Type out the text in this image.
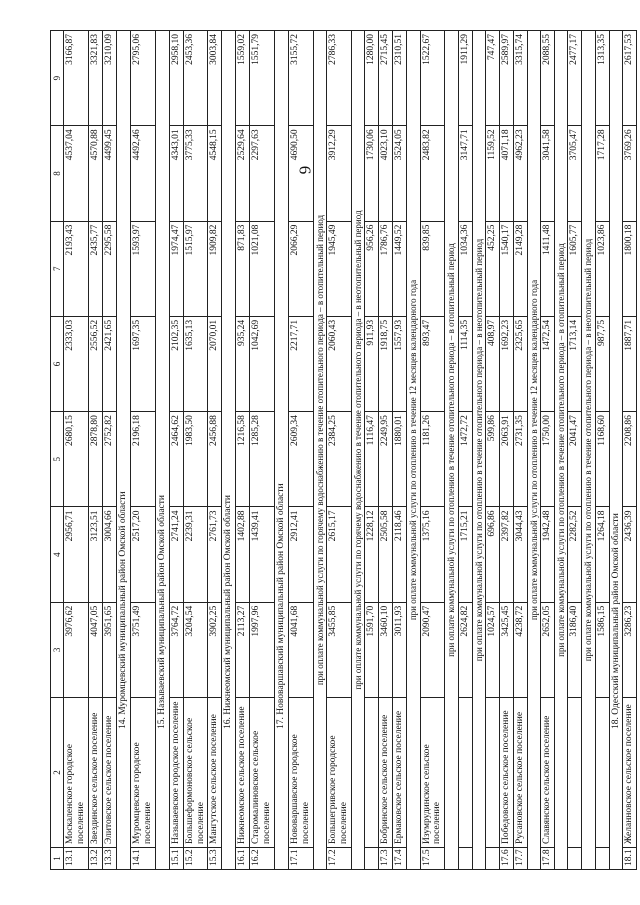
6
1	2	3	4	5	6	7	8	9
13.1	Москаленское городское поселение	3976,62	2956,71	2680,15	2333,03	2193,43	4537,04	3166,87
13.2	Звездинское сельское поселение	4047,05	3123,51	2878,80	2556,52	2435,77	4570,88	3321,83
13.3	Элитовское сельское поселение	3951,65	3004,66	2752,82	2421,65	2295,58	4499,45	3210,09
14. Муромцевский муниципальный район Омской области								
14.1	Муромцевское городское поселение	3751,49	2517,20	2196,18	1697,35	1593,97	4492,46	2795,06
15. Называевский муниципальный район Омской области								
15.1	Называевское городское поселение	3764,72	2741,24	2464,62	2102,35	1974,47	4343,01	2958,10
15.2	Большеформоновское сельское поселение	3204,54	2239,31	1983,50	1635,13	1515,97	3775,33	2453,36
15.3	Мангутское сельское поселение	3902,25	2761,73	2456,88	2070,01	1909,82	4548,15	3003,84
16. Нижнеомский муниципальный район Омской области								
16.1	Нижнеомское сельское поселение	2113,27	1402,88	1216,58	935,24	871,83	2529,64	1559,02
16.2	Старомалиновское сельское поселение	1997,96	1439,41	1285,28	1042,69	1021,08	2297,63	1551,79
17. Нововаршавский муниципальный район Омской области								
17.1	Нововаршавское городское поселение	4041,68	2912,41	2609,34	2217,71	2066,29	4690,50	3155,72
при оплате коммунальной услуги по горячему водоснабжению в течение отопительного периода – в отопительный период								
17.2	Большегривское городское поселение	3455,85	2615,17	2384,25	2060,43	1945,49	3912,29	2786,33
при оплате коммунальной услуги по горячему водоснабжению в течение отопительного периода – в неотопительный период								
		1591,70	1228,12	1116,47	911,93	956,26	1730,06	1280,00
17.3	Бобринское сельское поселение	3460,10	2505,58	2249,95	1918,75	1786,76	4023,10	2715,45
17.4	Ермаковское сельское поселение	3011,93	2118,46	1880,01	1557,93	1449,52	3524,05	2310,51
при оплате коммунальной услуги по отоплению в течение 12 месяцев календарного года								
17.5	Изумрудинское сельское поселение	2090,47	1375,16	1181,26	893,47	839,85	2483,82	1522,67
при оплате коммунальной услуги по отоплению в течение отопительного периода – в отопительный период								
		2624,82	1715,21	1472,72	1114,35	1034,36	3147,71	1911,29
при оплате коммунальной услуги по отоплению в течение отопительного периода – в неотопительный период								
		1024,57	696,86	599,86	408,97	452,25	1159,52	747,47
17.6	Победовское сельское поселение	3425,45	2397,82	2063,91	1692,23	1540,17	4071,18	2589,97
17.7	Русановское сельское поселение	4238,72	3044,43	2731,35	2325,65	2149,28	4962,23	3315,74
при оплате коммунальной услуги по отоплению в течение 12 месяцев календарного года								
17.8	Славянское сельское поселение	2652,05	1942,48	1750,00	1472,54	1411,48	3041,58	2088,55
при оплате коммунальной услуги по отоплению в течение отопительного периода – в отопительный период								
		3186,40	2282,52	2041,47	1713,14	1605,77	3705,47	2477,17
при оплате коммунальной услуги по отоплению в течение отопительного периода – в неотопительный период								
		1586,15	1264,18	1168,60	987,75	1023,86	1717,28	1313,35
18. Одесский муниципальный район Омской области								
18.1	Желанновское сельское поселение	3286,23	2436,39	2208,86	1887,71	1800,18	3769,26	2617,53
